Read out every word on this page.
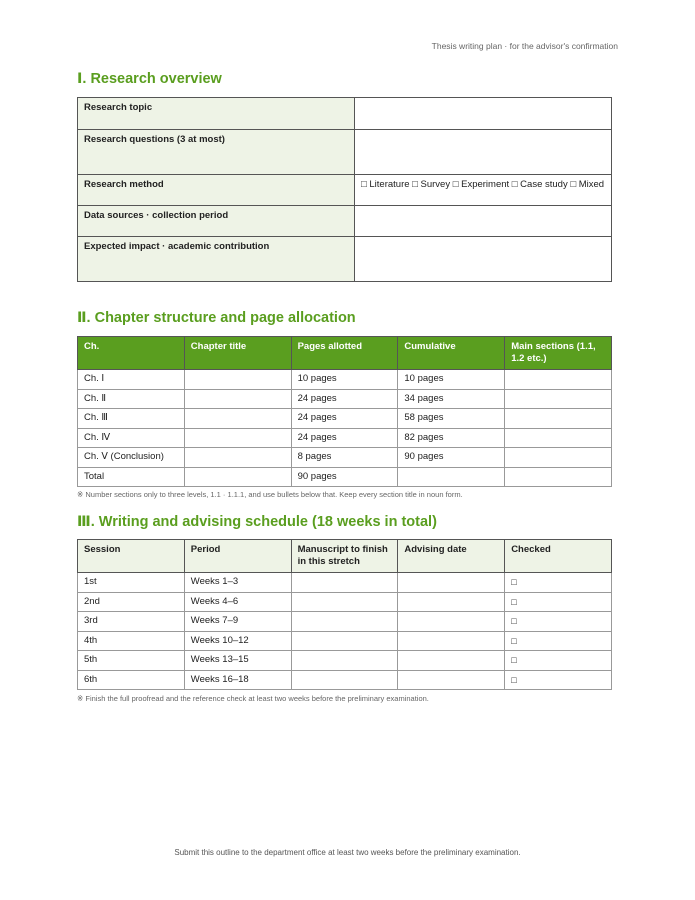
Thesis writing plan · for the advisor's confirmation
Ⅰ. Research overview
Research topic	
Research questions (3 at most)	
Research method	□ Literature □ Survey □ Experiment □ Case study □ Mixed
Data sources · collection period	
Expected impact · academic contribution	
Ⅱ. Chapter structure and page allocation
Ch.	Chapter title	Pages allotted	Cumulative	Main sections (1.1, 1.2 etc.)
Ch. Ⅰ		10 pages	10 pages	
Ch. Ⅱ		24 pages	34 pages	
Ch. Ⅲ		24 pages	58 pages	
Ch. Ⅳ		24 pages	82 pages	
Ch. Ⅴ (Conclusion)		8 pages	90 pages	
Total		90 pages		
※ Number sections only to three levels, 1.1 · 1.1.1, and use bullets below that. Keep every section title in noun form.
Ⅲ. Writing and advising schedule (18 weeks in total)
Session	Period	Manuscript to finish in this stretch	Advising date	Checked
1st	Weeks 1–3			□
2nd	Weeks 4–6			□
3rd	Weeks 7–9			□
4th	Weeks 10–12			□
5th	Weeks 13–15			□
6th	Weeks 16–18			□
※ Finish the full proofread and the reference check at least two weeks before the preliminary examination.
Submit this outline to the department office at least two weeks before the preliminary examination.
